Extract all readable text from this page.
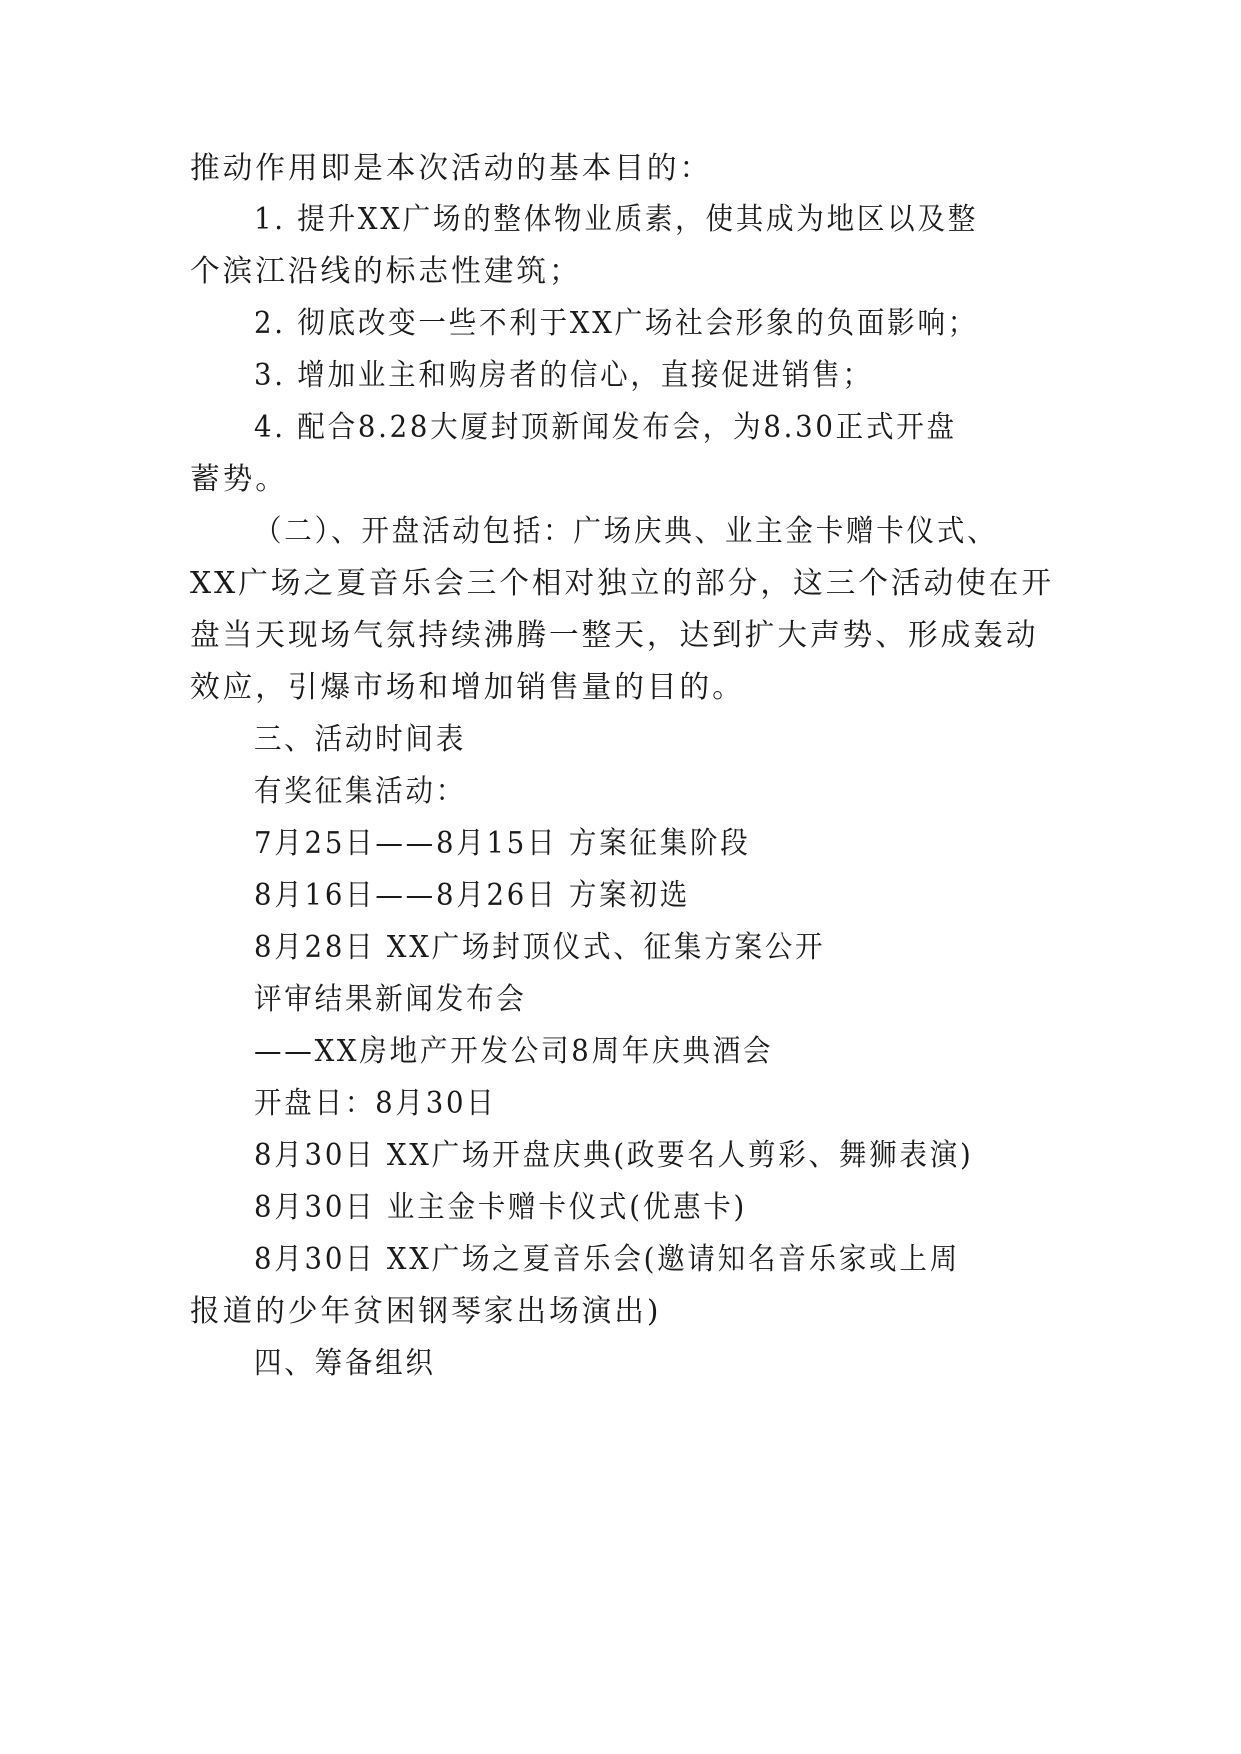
推动作用即是本次活动的基本目的：
1. 提升XX广场的整体物业质素，使其成为地区以及整
个滨江沿线的标志性建筑；
2. 彻底改变一些不利于XX广场社会形象的负面影响；
3. 增加业主和购房者的信心，直接促进销售；
4. 配合8.28大厦封顶新闻发布会，为8.30正式开盘
蓄势。
（二）、开盘活动包括：广场庆典、业主金卡赠卡仪式、
XX广场之夏音乐会三个相对独立的部分，这三个活动使在开
盘当天现场气氛持续沸腾一整天，达到扩大声势、形成轰动
效应，引爆市场和增加销售量的目的。
三、活动时间表
有奖征集活动：
7月25日——8月15日 方案征集阶段
8月16日——8月26日 方案初选
8月28日 XX广场封顶仪式、征集方案公开
评审结果新闻发布会
——XX房地产开发公司8周年庆典酒会
开盘日：8月30日
8月30日 XX广场开盘庆典(政要名人剪彩、舞狮表演)
8月30日 业主金卡赠卡仪式(优惠卡)
8月30日 XX广场之夏音乐会(邀请知名音乐家或上周
报道的少年贫困钢琴家出场演出)
四、筹备组织
